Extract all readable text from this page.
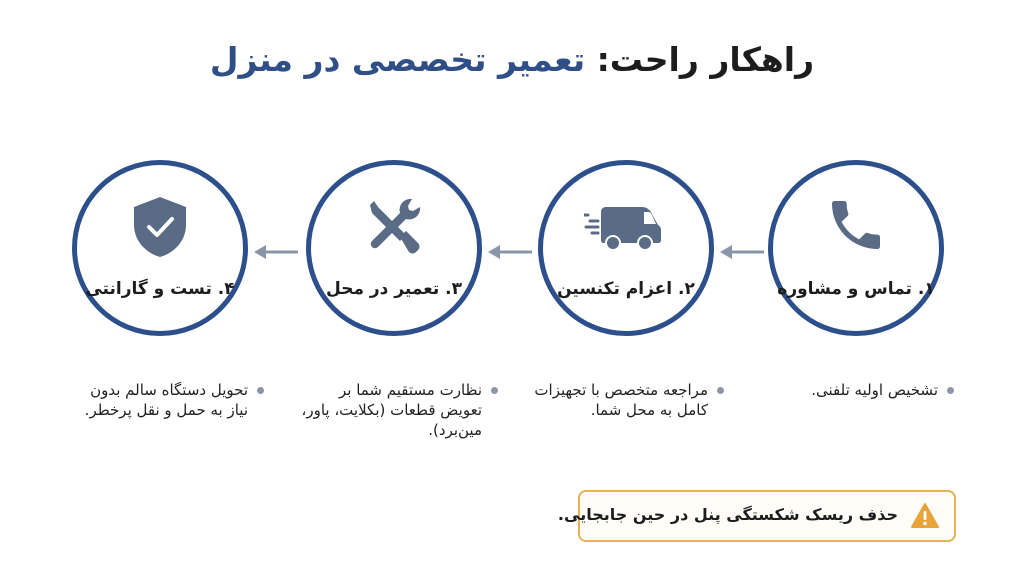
راهکار راحت: تعمیر تخصصی در منزل
۱. تماس و مشاوره
۲. اعزام تکنسین
۳. تعمیر در محل
۴. تست و گارانتی
تشخیص اولیه تلفنی.
مراجعه متخصص با تجهیزات کامل به محل شما.
نظارت مستقیم شما بر تعویض قطعات (بکلایت، پاور، مین‌برد).
تحویل دستگاه سالم بدون نیاز به حمل و نقل پرخطر.
حذف ریسک شکستگی پنل در حین جابجایی.
